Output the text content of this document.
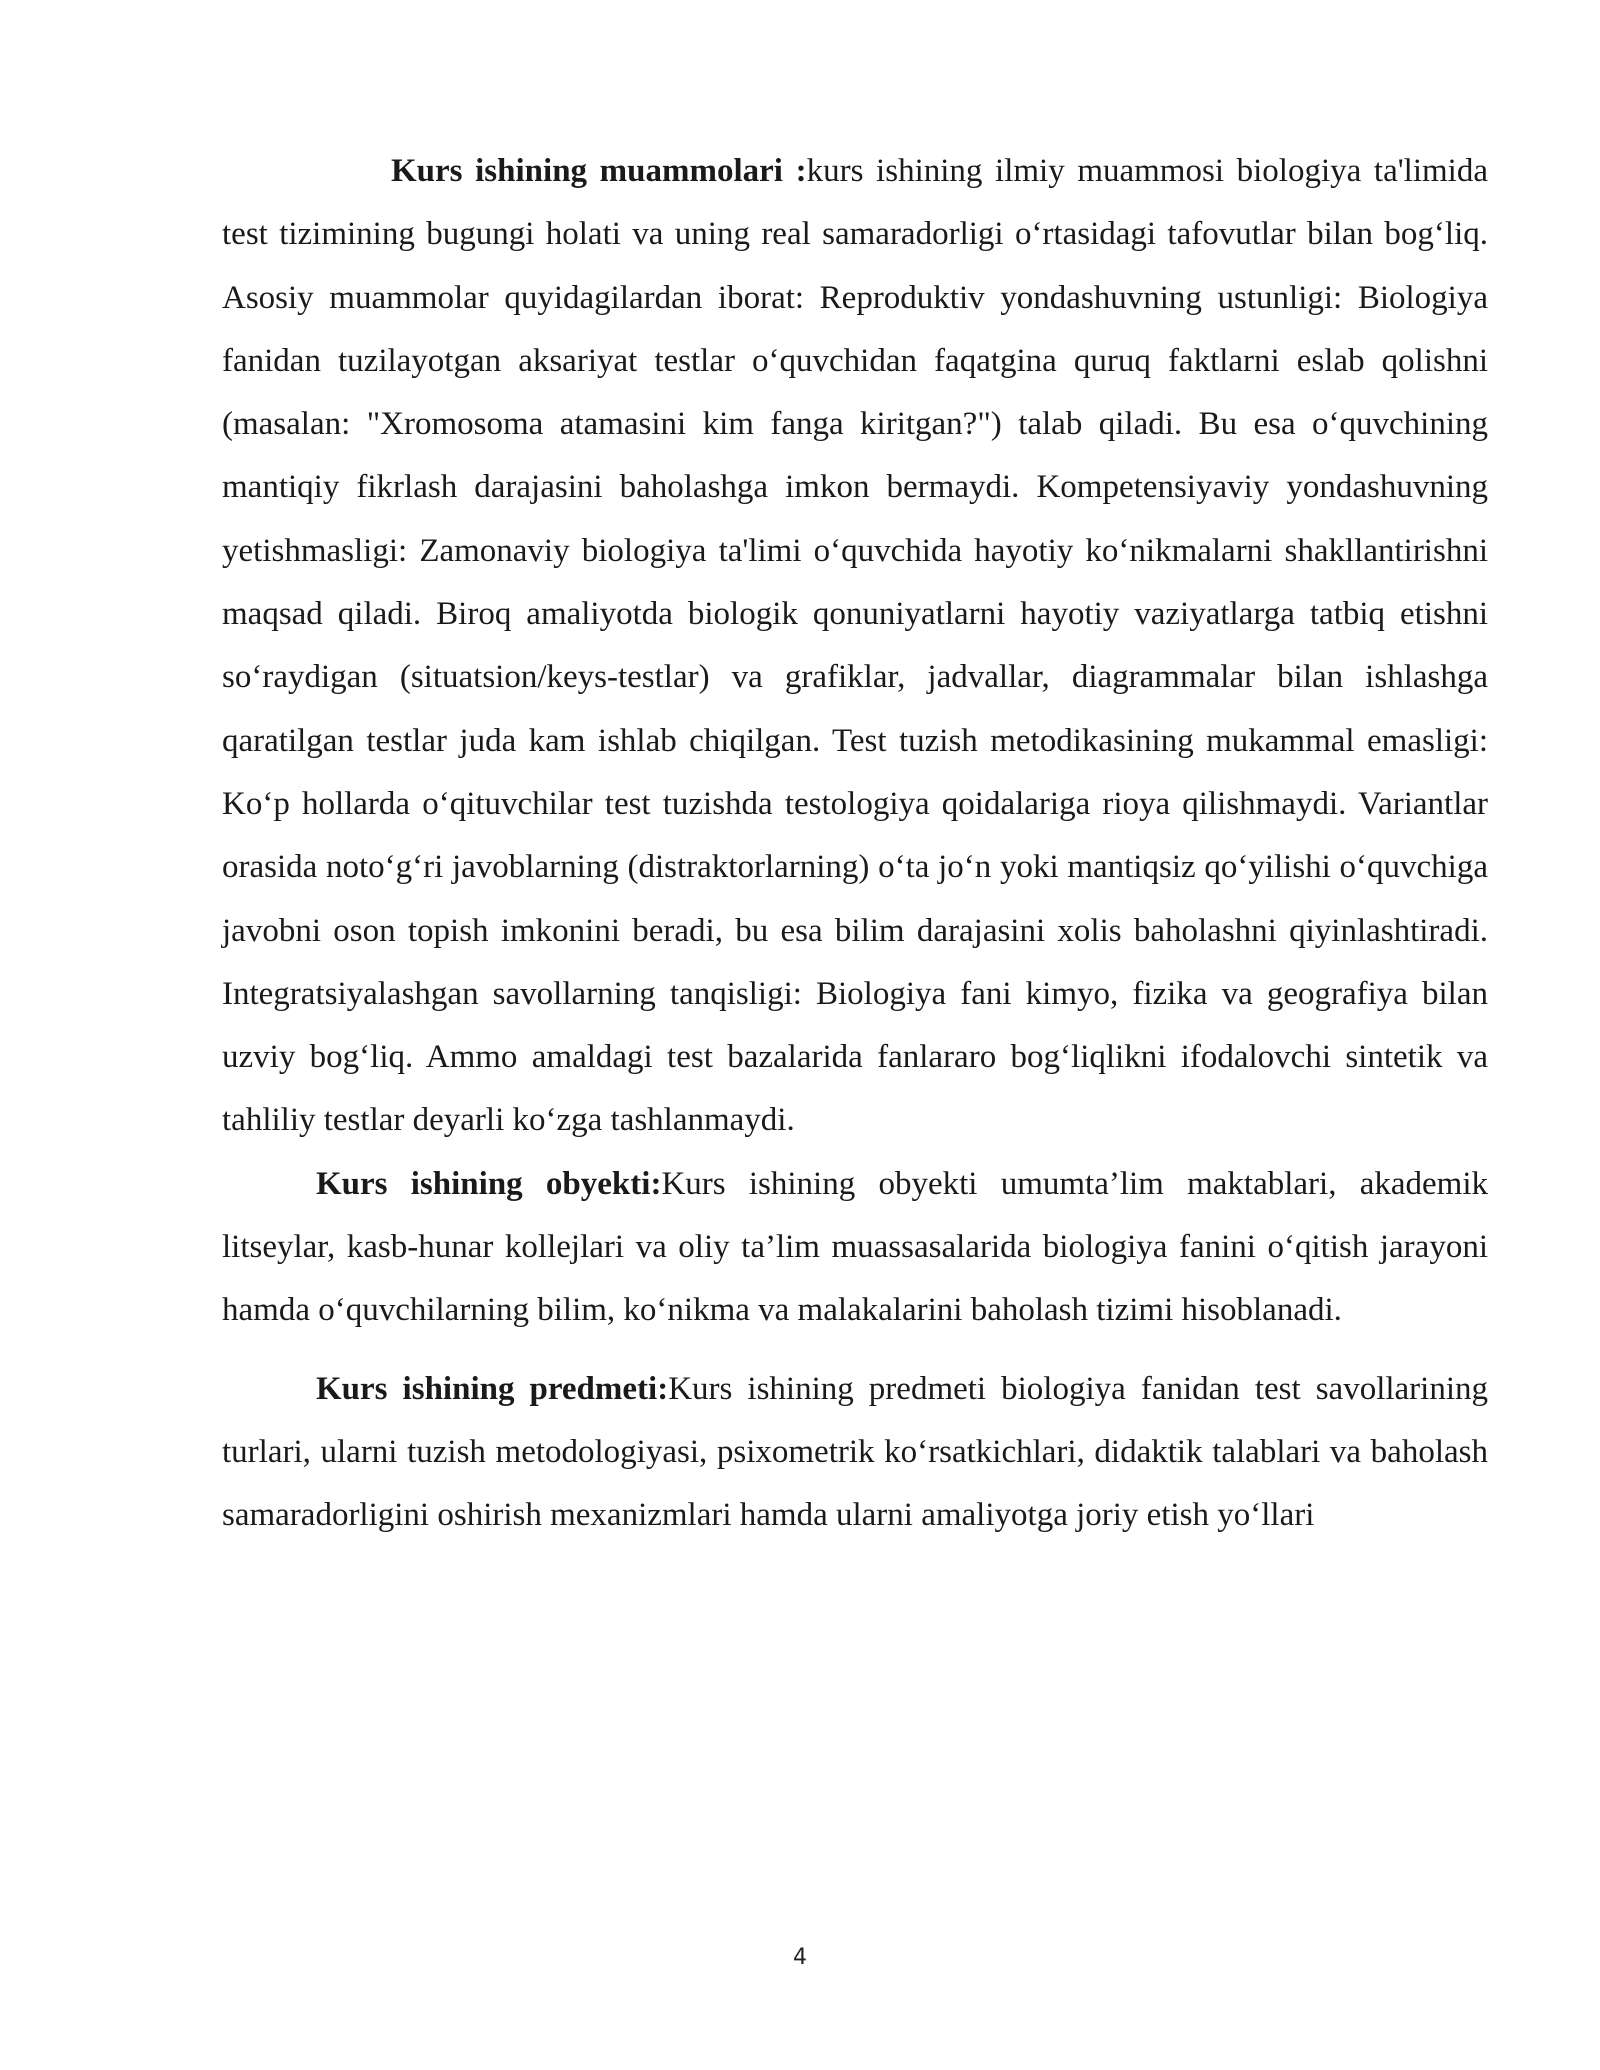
Kurs ishining muammolari :kurs ishining ilmiy muammosi biologiya ta'limida test tizimining bugungi holati va uning real samaradorligi o‘rtasidagi tafovutlar bilan bog‘liq. Asosiy muammolar quyidagilardan iborat: Reproduktiv yondashuvning ustunligi: Biologiya fanidan tuzilayotgan aksariyat testlar o‘quvchidan faqatgina quruq faktlarni eslab qolishni (masalan: "Xromosoma atamasini kim fanga kiritgan?") talab qiladi. Bu esa o‘quvchining mantiqiy fikrlash darajasini baholashga imkon bermaydi. Kompetensiyaviy yondashuvning yetishmasligi: Zamonaviy biologiya ta'limi o‘quvchida hayotiy ko‘nikmalarni shakllantirishni maqsad qiladi. Biroq amaliyotda biologik qonuniyatlarni hayotiy vaziyatlarga tatbiq etishni so‘raydigan (situatsion/keys-testlar) va grafiklar, jadvallar, diagrammalar bilan ishlashga qaratilgan testlar juda kam ishlab chiqilgan. Test tuzish metodikasining mukammal emasligi: Ko‘p hollarda o‘qituvchilar test tuzishda testologiya qoidalariga rioya qilishmaydi. Variantlar orasida noto‘g‘ri javoblarning (distraktorlarning) o‘ta jo‘n yoki mantiqsiz qo‘yilishi o‘quvchiga javobni oson topish imkonini beradi, bu esa bilim darajasini xolis baholashni qiyinlashtiradi. Integratsiyalashgan savollarning tanqisligi: Biologiya fani kimyo, fizika va geografiya bilan uzviy bog‘liq. Ammo amaldagi test bazalarida fanlararo bog‘liqlikni ifodalovchi sintetik va tahliliy testlar deyarli ko‘zga tashlanmaydi.

Kurs ishining obyekti:Kurs ishining obyekti umumta’lim maktablari, akademik litseylar, kasb-hunar kollejlari va oliy ta’lim muassasalarida biologiya fanini o‘qitish jarayoni hamda o‘quvchilarning bilim, ko‘nikma va malakalarini baholash tizimi hisoblanadi.

Kurs ishining predmeti:Kurs ishining predmeti biologiya fanidan test savollarining turlari, ularni tuzish metodologiyasi, psixometrik ko‘rsatkichlari, didaktik talablari va baholash samaradorligini oshirish mexanizmlari hamda ularni amaliyotga joriy etish yo‘llari

4
